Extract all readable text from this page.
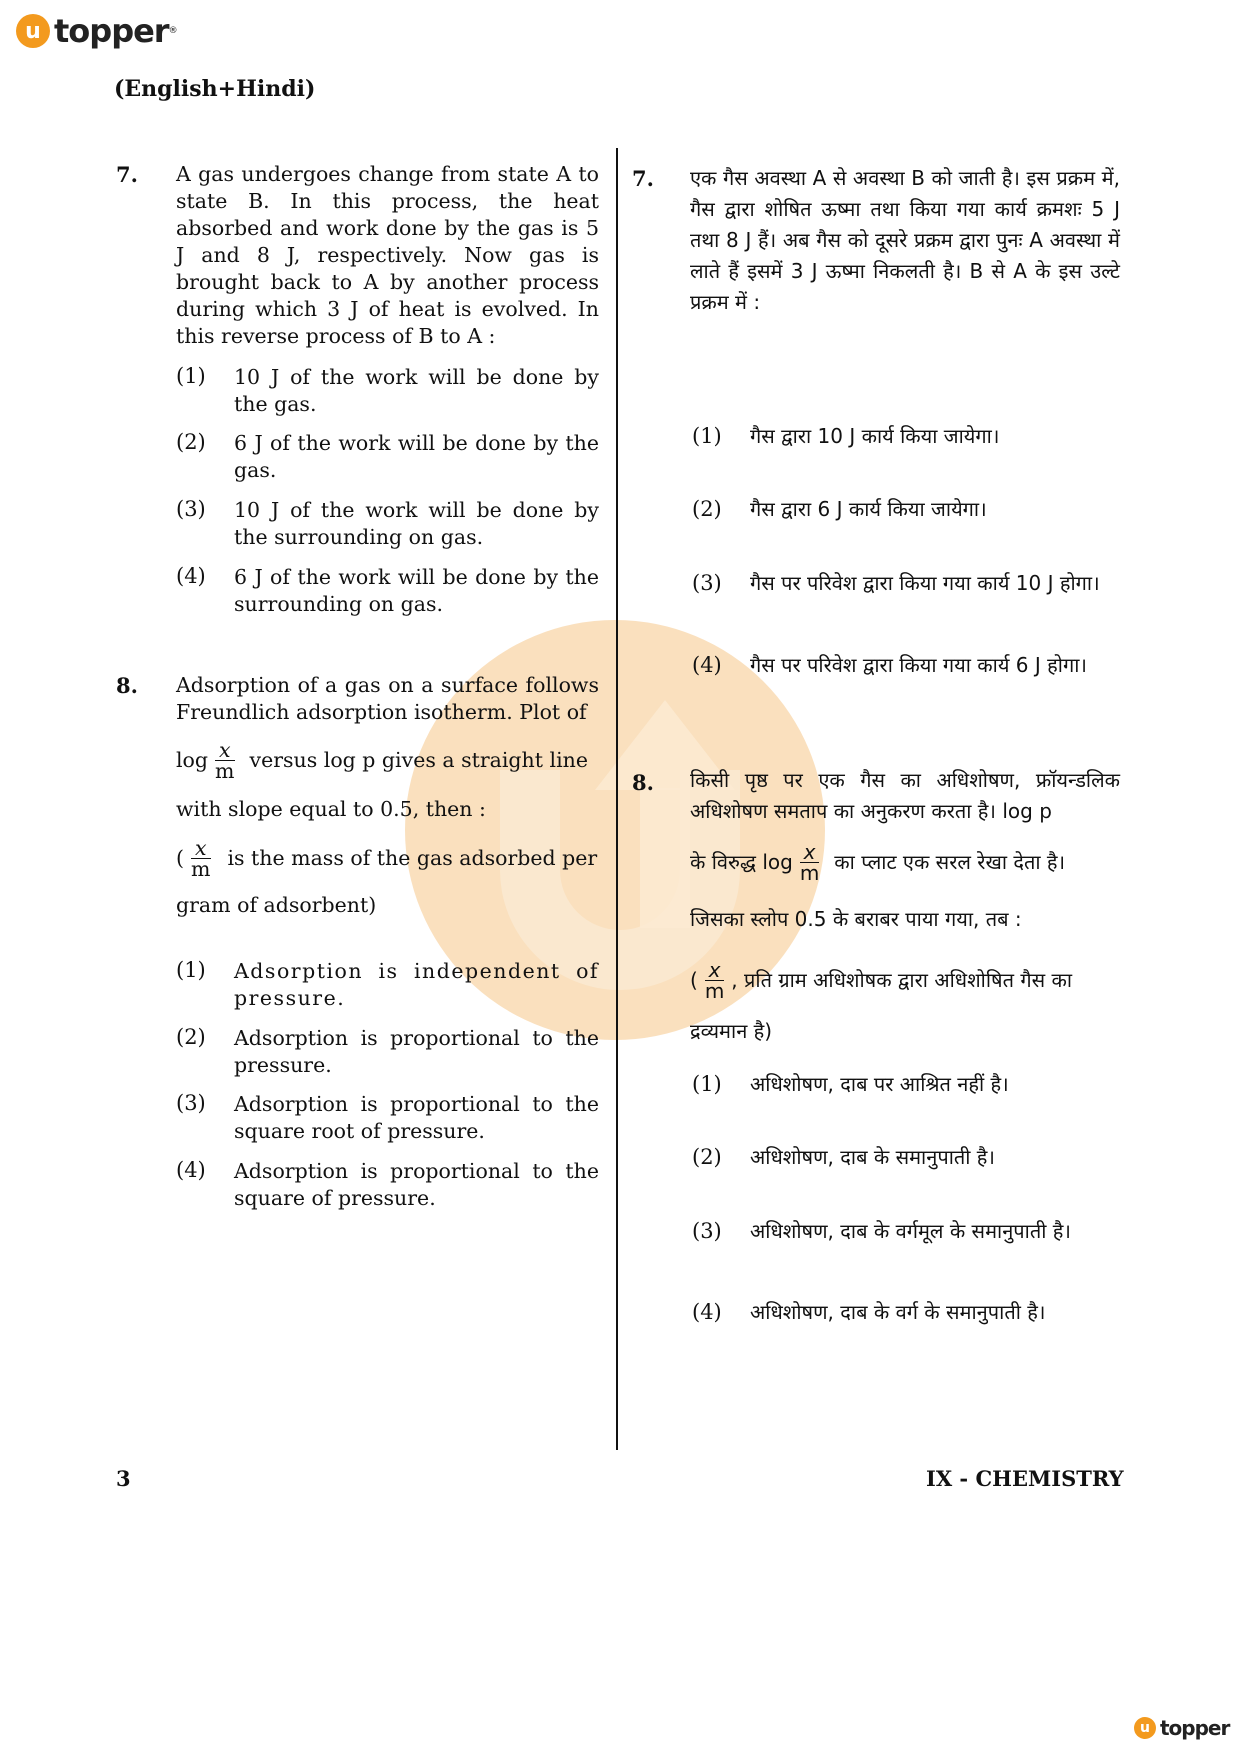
u topper ®
(English+Hindi)
7. A gas undergoes change from state A to state B. In this process, the heat absorbed and work done by the gas is 5 J and 8 J, respectively. Now gas is brought back to A by another process during which 3 J of heat is evolved. In this reverse process of B to A :
(1) 10 J of the work will be done by the gas.
(2) 6 J of the work will be done by the gas.
(3) 10 J of the work will be done by the surrounding on gas.
(4) 6 J of the work will be done by the surrounding on gas.
8. Adsorption of a gas on a surface follows Freundlich adsorption isotherm. Plot of
$\log \frac{x}{m}$ versus log p gives a straight line
with slope equal to 0.5, then :
( $\frac{x}{m}$ is the mass of the gas adsorbed per
gram of adsorbent)
(1) Adsorption is independent of pressure.
(2) Adsorption is proportional to the pressure.
(3) Adsorption is proportional to the square root of pressure.
(4) Adsorption is proportional to the square of pressure.
7. एक गैस अवस्था A से अवस्था B को जाती है। इस प्रक्रम में, गैस द्वारा शोषित ऊष्मा तथा किया गया कार्य क्रमशः 5 J तथा 8 J हैं। अब गैस को दूसरे प्रक्रम द्वारा पुनः A अवस्था में लाते हैं इसमें 3 J ऊष्मा निकलती है। B से A के इस उल्टे प्रक्रम में :
(1) गैस द्वारा 10 J कार्य किया जायेगा।
(2) गैस द्वारा 6 J कार्य किया जायेगा।
(3) गैस पर परिवेश द्वारा किया गया कार्य 10 J होगा।
(4) गैस पर परिवेश द्वारा किया गया कार्य 6 J होगा।
8. किसी पृष्ठ पर एक गैस का अधिशोषण, फ्रॉयन्डलिक अधिशोषण समताप का अनुकरण करता है। log p
के विरुद्ध $\log \frac{x}{m}$ का प्लाट एक सरल रेखा देता है।
जिसका स्लोप 0.5 के बराबर पाया गया, तब :
( $\frac{x}{m}$ , प्रति ग्राम अधिशोषक द्वारा अधिशोषित गैस का
द्रव्यमान है)
(1) अधिशोषण, दाब पर आश्रित नहीं है।
(2) अधिशोषण, दाब के समानुपाती है।
(3) अधिशोषण, दाब के वर्गमूल के समानुपाती है।
(4) अधिशोषण, दाब के वर्ग के समानुपाती है।
3	IX - CHEMISTRY
u topper
